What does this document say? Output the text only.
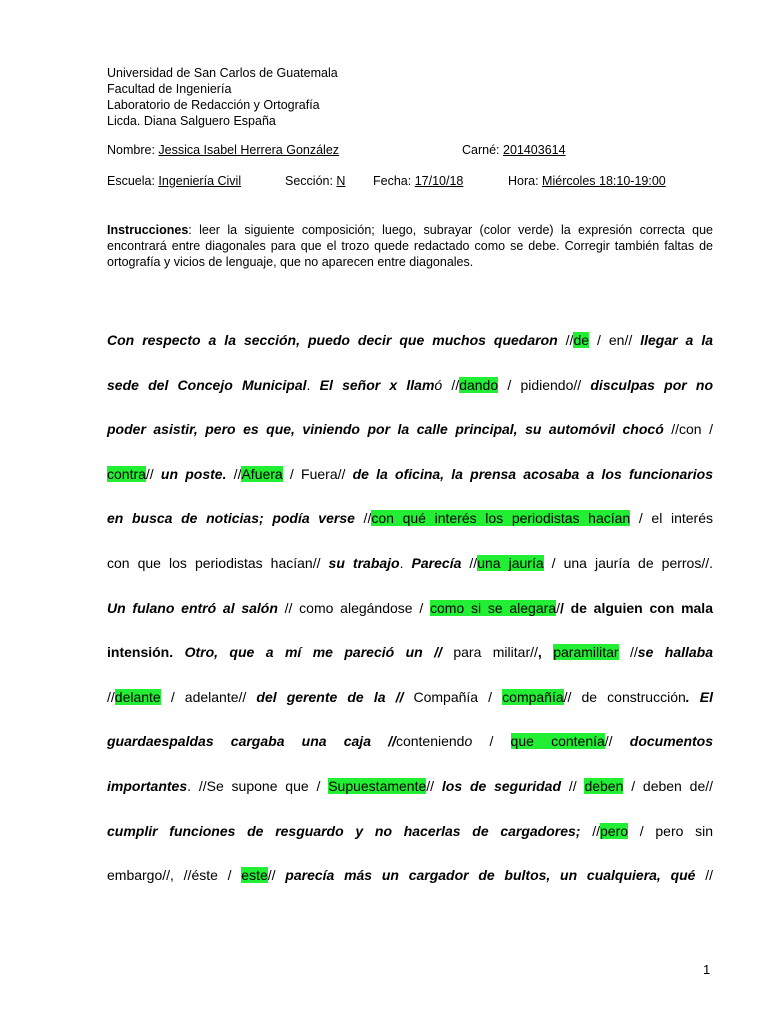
Universidad de San Carlos de Guatemala
Facultad de Ingeniería
Laboratorio de Redacción y Ortografía
Licda. Diana Salguero España
Nombre: Jessica Isabel Herrera González	Carné: 201403614
Escuela: Ingeniería Civil	Sección: N Fecha: 17/10/18	Hora: Miércoles 18:10-19:00
Instrucciones: leer la siguiente composición; luego, subrayar (color verde) la expresión correcta que encontrará entre diagonales para que el trozo quede redactado como se debe. Corregir también faltas de ortografía y vicios de lenguaje, que no aparecen entre diagonales.
Con respecto a la sección, puedo decir que muchos quedaron //de / en// llegar a la
sede del Concejo Municipal. El señor x llamó //dando / pidiendo// disculpas por no
poder asistir, pero es que, viniendo por la calle principal, su automóvil chocó //con /
contra// un poste. //Afuera / Fuera// de la oficina, la prensa acosaba a los funcionarios
en busca de noticias; podía verse //con qué interés los periodistas hacían / el interés
con que los periodistas hacían// su trabajo. Parecía //una jauría / una jauría de perros//.
Un fulano entró al salón // como alegándose / como si se alegara// de alguien con mala
intensión. Otro, que a mí me pareció un // para militar//, paramilitar //se hallaba
//delante / adelante// del gerente de la // Compañía / compañía// de construcción. El
guardaespaldas cargaba una caja //conteniendo / que contenía// documentos
importantes. //Se supone que / Supuestamente// los de seguridad // deben / deben de//
cumplir funciones de resguardo y no hacerlas de cargadores; //pero / pero sin
embargo//, //éste / este// parecía más un cargador de bultos, un cualquiera, qué //
1
